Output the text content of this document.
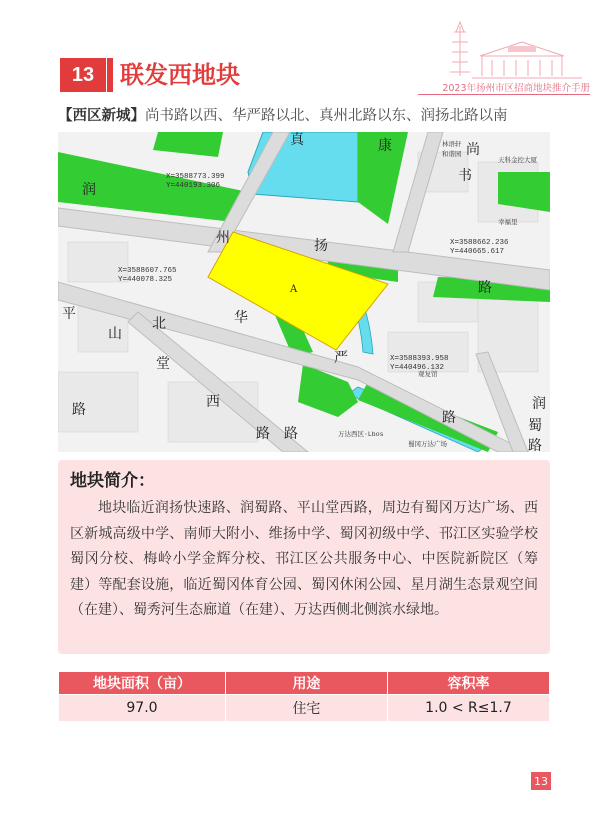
13	联发西地块	2023年扬州市区招商地块推介手册
【西区新城】尚书路以西、华严路以北、真州北路以东、润扬北路以南
A
X=3588773.399
Y=440193.306
X=3588662.236
Y=440665.617
X=3588607.765
Y=440078.325
X=3588393.958
Y=440496.132
真	康	尚
书
润
州	扬
路
平
山
北	华
严
路
堂
西
路 路
路
润
蜀
路
林语轩
和谐园
天科金控大厦
幸福里
观复馆
万达西区·Lbos
蜀冈万达广场
地块简介：
地块临近润扬快速路、润蜀路、平山堂西路，周边有蜀冈万达广场、西区新城高级中学、南师大附小、维扬中学、蜀冈初级中学、邗江区实验学校蜀冈分校、梅岭小学金辉分校、邗江区公共服务中心、中医院新院区（筹建）等配套设施，临近蜀冈体育公园、蜀冈休闲公园、星月湖生态景观空间（在建）、蜀秀河生态廊道（在建）、万达西侧北侧滨水绿地。
地块面积（亩）	用途	容积率
97.0	住宅	1.0 < R≤1.7
13
